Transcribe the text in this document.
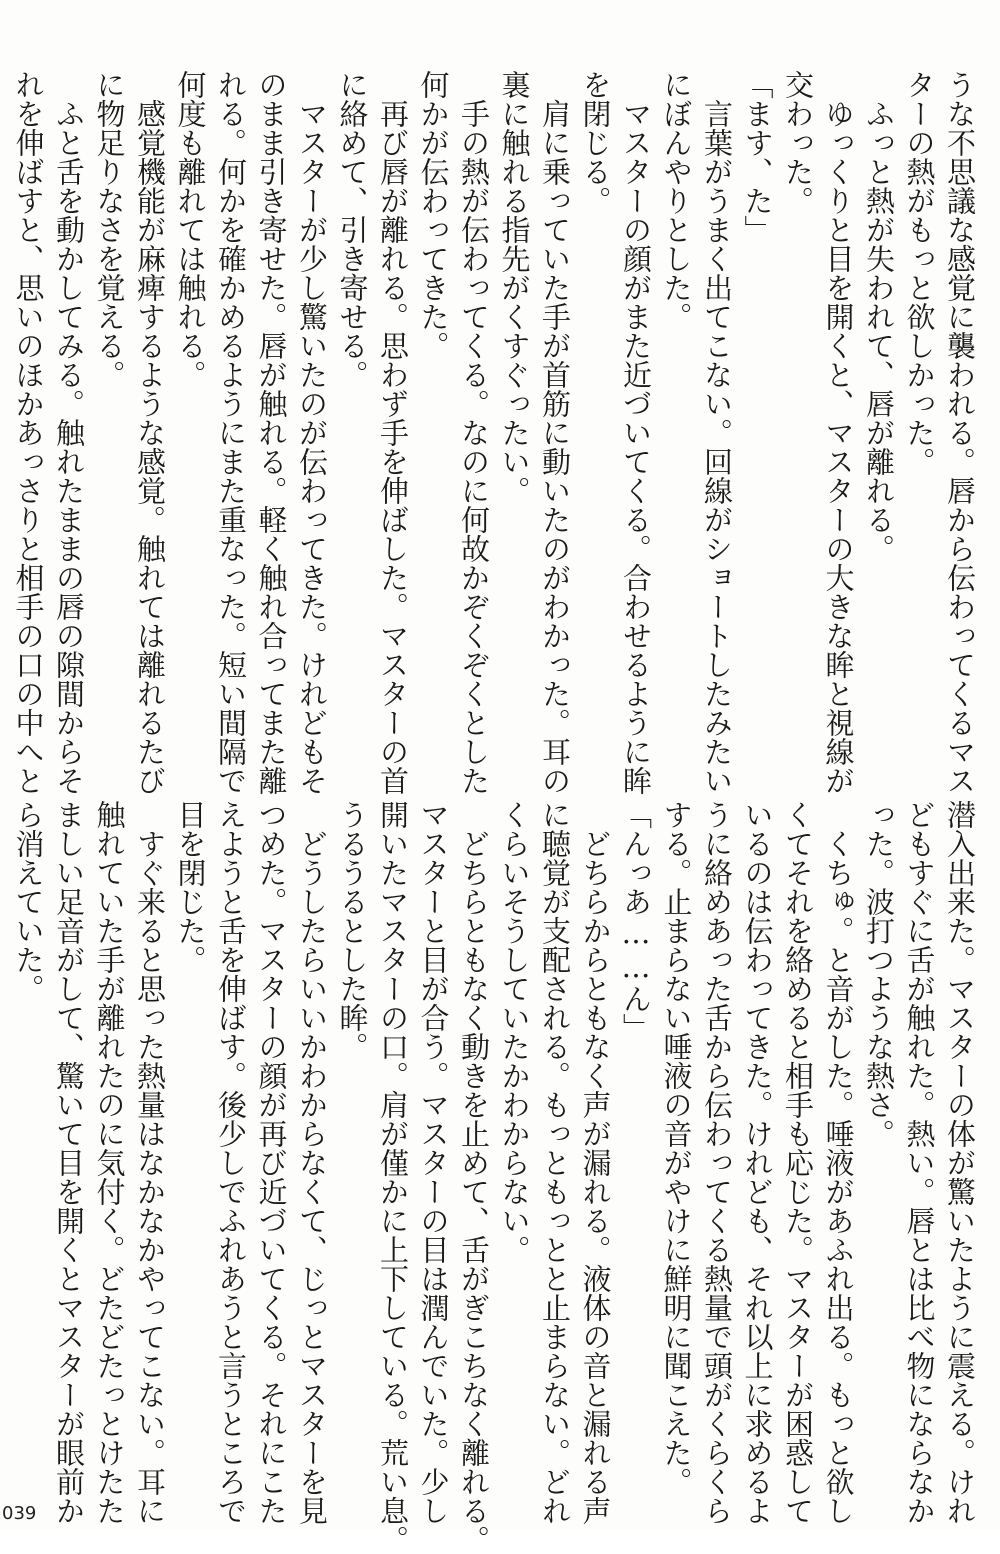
うな不思議な感覚に襲われる。唇から伝わってくるマス

ターの熱がもっと欲しかった。

　ふっと熱が失われて、唇が離れる。

　ゆっくりと目を開くと、マスターの大きな眸と視線が

交わった。

「ます、た」

　言葉がうまく出てこない。回線がショートしたみたい

にぼんやりとした。

　マスターの顔がまた近づいてくる。合わせるように眸

を閉じる。

　肩に乗っていた手が首筋に動いたのがわかった。耳の

裏に触れる指先がくすぐったい。

　手の熱が伝わってくる。なのに何故かぞくぞくとした

何かが伝わってきた。

　再び唇が離れる。思わず手を伸ばした。マスターの首

に絡めて、引き寄せる。

　マスターが少し驚いたのが伝わってきた。けれどもそ

のまま引き寄せた。唇が触れる。軽く触れ合ってまた離

れる。何かを確かめるようにまた重なった。短い間隔で

何度も離れては触れる。

　感覚機能が麻痺するような感覚。触れては離れるたび

に物足りなさを覚える。

　ふと舌を動かしてみる。触れたままの唇の隙間からそ

れを伸ばすと、思いのほかあっさりと相手の口の中へと

潜入出来た。マスターの体が驚いたように震える。けれ

どもすぐに舌が触れた。熱い。唇とは比べ物にならなか

った。波打つような熱さ。

　くちゅ。と音がした。唾液があふれ出る。もっと欲し

くてそれを絡めると相手も応じた。マスターが困惑して

いるのは伝わってきた。けれども、それ以上に求めるよ

うに絡めあった舌から伝わってくる熱量で頭がくらくら

する。止まらない唾液の音がやけに鮮明に聞こえた。

「んっあ……ん」

　どちらからともなく声が漏れる。液体の音と漏れる声

に聴覚が支配される。もっともっとと止まらない。どれ

くらいそうしていたかわからない。

　どちらともなく動きを止めて、舌がぎこちなく離れる。

マスターと目が合う。マスターの目は潤んでいた。少し

開いたマスターの口。肩が僅かに上下している。荒い息。

うるうるとした眸。

　どうしたらいいかわからなくて、じっとマスターを見

つめた。マスターの顔が再び近づいてくる。それにこた

えようと舌を伸ばす。後少しでふれあうと言うところで

目を閉じた。

　すぐ来ると思った熱量はなかなかやってこない。耳に

触れていた手が離れたのに気付く。どたどたっとけたた

ましい足音がして、驚いて目を開くとマスターが眼前か

ら消えていた。

039
